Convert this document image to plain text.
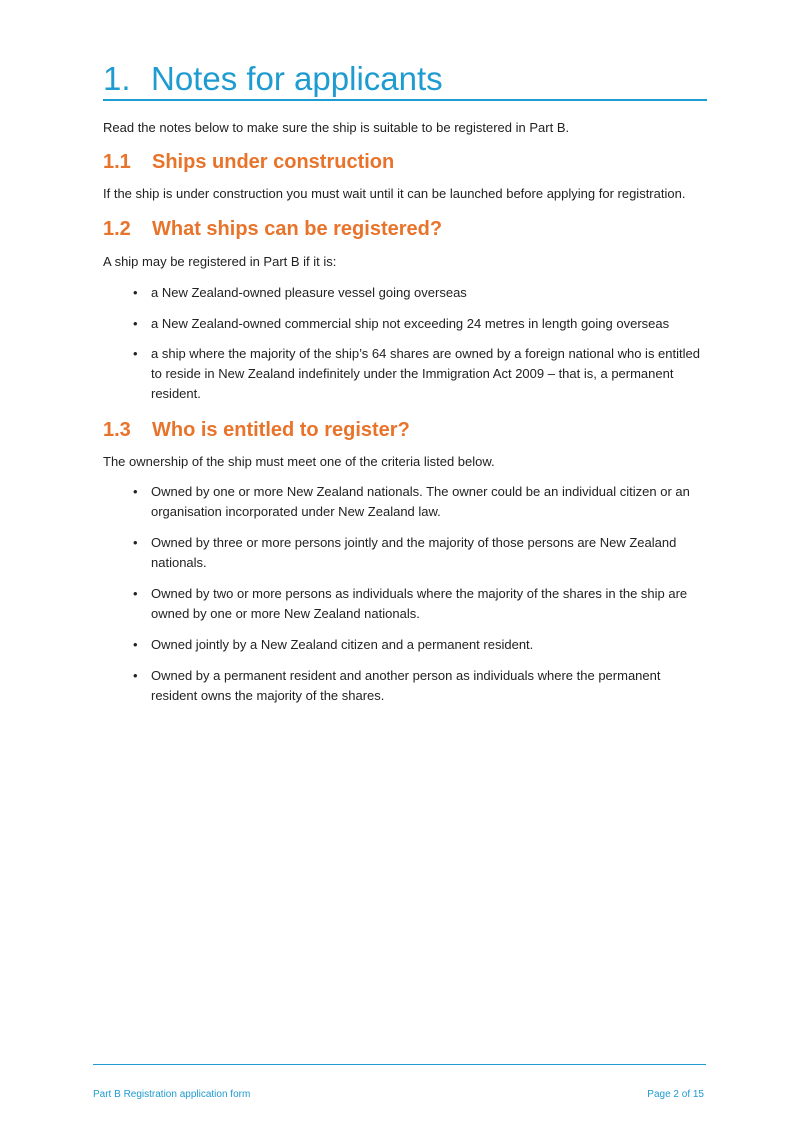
1. Notes for applicants

Read the notes below to make sure the ship is suitable to be registered in Part B.

1.1 Ships under construction

If the ship is under construction you must wait until it can be launched before applying for registration.

1.2 What ships can be registered?

A ship may be registered in Part B if it is:

•	a New Zealand-owned pleasure vessel going overseas
•	a New Zealand-owned commercial ship not exceeding 24 metres in length going overseas
•	a ship where the majority of the ship’s 64 shares are owned by a foreign national who is entitled to reside in New Zealand indefinitely under the Immigration Act 2009 – that is, a permanent resident.
1.3 Who is entitled to register?

The ownership of the ship must meet one of the criteria listed below.

•	Owned by one or more New Zealand nationals. The owner could be an individual citizen or an organisation incorporated under New Zealand law.
•	Owned by three or more persons jointly and the majority of those persons are New Zealand nationals.
•	Owned by two or more persons as individuals where the majority of the shares in the ship are owned by one or more New Zealand nationals.
•	Owned jointly by a New Zealand citizen and a permanent resident.
•	Owned by a permanent resident and another person as individuals where the permanent resident owns the majority of the shares.
Part B Registration application form	Page 2 of 15
